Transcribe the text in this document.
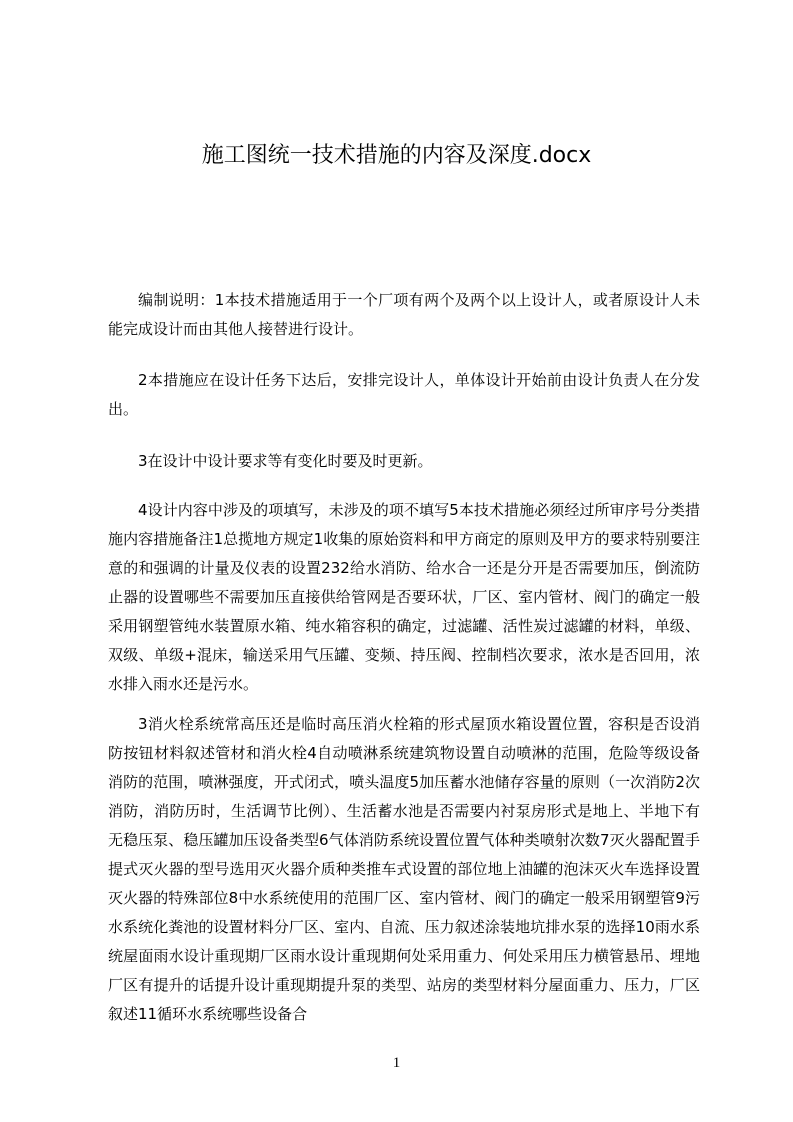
施工图统一技术措施的内容及深度.docx

编制说明：1本技术措施适用于一个厂项有两个及两个以上设计人，或者原设计人未能完成设计而由其他人接替进行设计。

2本措施应在设计任务下达后，安排完设计人，单体设计开始前由设计负责人在分发出。

3在设计中设计要求等有变化时要及时更新。

4设计内容中涉及的项填写，未涉及的项不填写5本技术措施必须经过所审序号分类措施内容措施备注1总揽地方规定1收集的原始资料和甲方商定的原则及甲方的要求特别要注意的和强调的计量及仪表的设置232给水消防、给水合一还是分开是否需要加压，倒流防止器的设置哪些不需要加压直接供给管网是否要环状，厂区、室内管材、阀门的确定一般采用钢塑管纯水装置原水箱、纯水箱容积的确定，过滤罐、活性炭过滤罐的材料，单级、双级、单级+混床，输送采用气压罐、变频、持压阀、控制档次要求，浓水是否回用，浓水排入雨水还是污水。

3消火栓系统常高压还是临时高压消火栓箱的形式屋顶水箱设置位置，容积是否设消防按钮材料叙述管材和消火栓4自动喷淋系统建筑物设置自动喷淋的范围，危险等级设备消防的范围，喷淋强度，开式闭式，喷头温度5加压蓄水池储存容量的原则（一次消防2次消防，消防历时，生活调节比例）、生活蓄水池是否需要内衬泵房形式是地上、半地下有无稳压泵、稳压罐加压设备类型6气体消防系统设置位置气体种类喷射次数7灭火器配置手提式灭火器的型号选用灭火器介质种类推车式设置的部位地上油罐的泡沫灭火车选择设置灭火器的特殊部位8中水系统使用的范围厂区、室内管材、阀门的确定一般采用钢塑管9污水系统化粪池的设置材料分厂区、室内、自流、压力叙述涂装地坑排水泵的选择10雨水系统屋面雨水设计重现期厂区雨水设计重现期何处采用重力、何处采用压力横管悬吊、埋地厂区有提升的话提升设计重现期提升泵的类型、站房的类型材料分屋面重力、压力，厂区叙述11循环水系统哪些设备合

1
